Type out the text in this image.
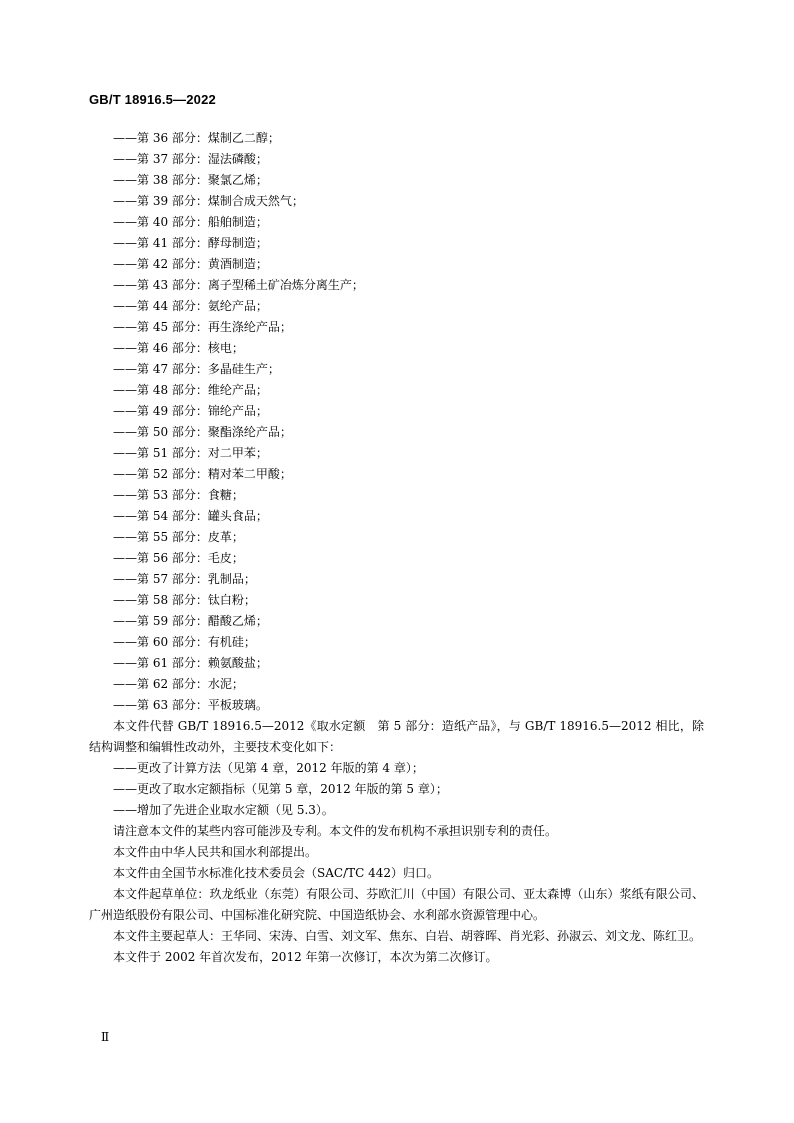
GB/T 18916.5—2022
——第 36 部分：煤制乙二醇；
——第 37 部分：湿法磷酸；
——第 38 部分：聚氯乙烯；
——第 39 部分：煤制合成天然气；
——第 40 部分：船舶制造；
——第 41 部分：酵母制造；
——第 42 部分：黄酒制造；
——第 43 部分：离子型稀土矿冶炼分离生产；
——第 44 部分：氨纶产品；
——第 45 部分：再生涤纶产品；
——第 46 部分：核电；
——第 47 部分：多晶硅生产；
——第 48 部分：维纶产品；
——第 49 部分：锦纶产品；
——第 50 部分：聚酯涤纶产品；
——第 51 部分：对二甲苯；
——第 52 部分：精对苯二甲酸；
——第 53 部分：食糖；
——第 54 部分：罐头食品；
——第 55 部分：皮革；
——第 56 部分：毛皮；
——第 57 部分：乳制品；
——第 58 部分：钛白粉；
——第 59 部分：醋酸乙烯；
——第 60 部分：有机硅；
——第 61 部分：赖氨酸盐；
——第 62 部分：水泥；
——第 63 部分：平板玻璃。
本文件代替 GB/T 18916.5—2012《取水定额　第 5 部分：造纸产品》，与 GB/T 18916.5—2012 相比，除结构调整和编辑性改动外，主要技术变化如下：
——更改了计算方法（见第 4 章，2012 年版的第 4 章）；
——更改了取水定额指标（见第 5 章，2012 年版的第 5 章）；
——增加了先进企业取水定额（见 5.3）。
请注意本文件的某些内容可能涉及专利。本文件的发布机构不承担识别专利的责任。
本文件由中华人民共和国水利部提出。
本文件由全国节水标准化技术委员会（SAC/TC 442）归口。
本文件起草单位：玖龙纸业（东莞）有限公司、芬欧汇川（中国）有限公司、亚太森博（山东）浆纸有限公司、广州造纸股份有限公司、中国标准化研究院、中国造纸协会、水利部水资源管理中心。
本文件主要起草人：王华同、宋涛、白雪、刘文军、焦东、白岩、胡蓉晖、肖光彩、孙淑云、刘文龙、陈红卫。
本文件于 2002 年首次发布，2012 年第一次修订，本次为第二次修订。
Ⅱ
